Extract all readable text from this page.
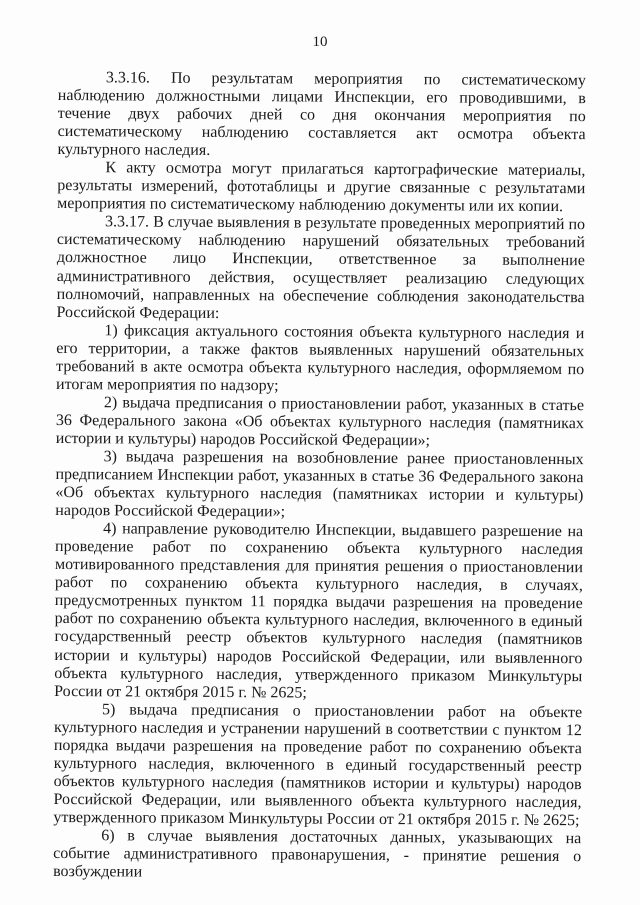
10

3.3.16. По результатам мероприятия по систематическому наблюдению должностными лицами Инспекции, его проводившими, в течение двух рабочих дней со дня окончания мероприятия по систематическому наблюдению составляется акт осмотра объекта культурного наследия.

К акту осмотра могут прилагаться картографические материалы, результаты измерений, фототаблицы и другие связанные с результатами мероприятия по систематическому наблюдению документы или их копии.

3.3.17. В случае выявления в результате проведенных мероприятий по систематическому наблюдению нарушений обязательных требований должностное лицо Инспекции, ответственное за выполнение административного действия, осуществляет реализацию следующих полномочий, направленных на обеспечение соблюдения законодательства Российской Федерации:

1) фиксация актуального состояния объекта культурного наследия и его территории, а также фактов выявленных нарушений обязательных требований в акте осмотра объекта культурного наследия, оформляемом по итогам мероприятия по надзору;

2) выдача предписания о приостановлении работ, указанных в статье 36 Федерального закона «Об объектах культурного наследия (памятниках истории и культуры) народов Российской Федерации»;

3) выдача разрешения на возобновление ранее приостановленных предписанием Инспекции работ, указанных в статье 36 Федерального закона «Об объектах культурного наследия (памятниках истории и культуры) народов Российской Федерации»;

4) направление руководителю Инспекции, выдавшего разрешение на проведение работ по сохранению объекта культурного наследия мотивированного представления для принятия решения о приостановлении работ по сохранению объекта культурного наследия, в случаях, предусмотренных пунктом 11 порядка выдачи разрешения на проведение работ по сохранению объекта культурного наследия, включенного в единый государственный реестр объектов культурного наследия (памятников истории и культуры) народов Российской Федерации, или выявленного объекта культурного наследия, утвержденного приказом Минкультуры России от 21 октября 2015 г. № 2625;

5) выдача предписания о приостановлении работ на объекте культурного наследия и устранении нарушений в соответствии с пунктом 12 порядка выдачи разрешения на проведение работ по сохранению объекта культурного наследия, включенного в единый государственный реестр объектов культурного наследия (памятников истории и культуры) народов Российской Федерации, или выявленного объекта культурного наследия, утвержденного приказом Минкультуры России от 21 октября 2015 г. № 2625;

6) в случае выявления достаточных данных, указывающих на событие административного правонарушения, - принятие решения о возбуждении
